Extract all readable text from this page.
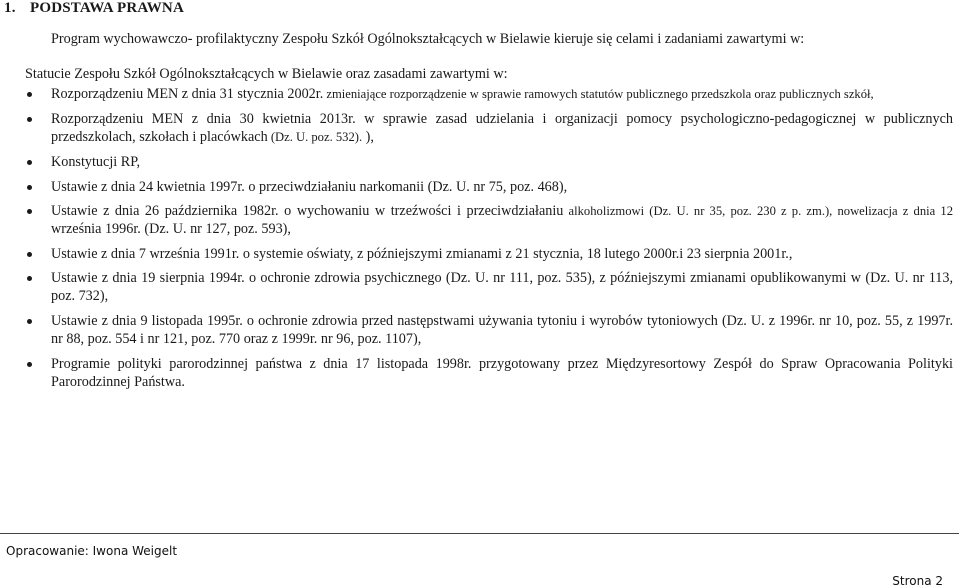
1. PODSTAWA PRAWNA
Program wychowawczo- profilaktyczny Zespołu Szkół Ogólnokształcących w Bielawie kieruje się celami i zadaniami zawartymi w:
Statucie Zespołu Szkół Ogólnokształcących w Bielawie oraz zasadami zawartymi w:
Rozporządzeniu MEN z dnia 31 stycznia 2002r. zmieniające rozporządzenie w sprawie ramowych statutów publicznego przedszkola oraz publicznych szkół,
Rozporządzeniu MEN z dnia 30 kwietnia 2013r. w sprawie zasad udzielania i organizacji pomocy psychologiczno-pedagogicznej w publicznych przedszkolach, szkołach i placówkach (Dz. U. poz. 532). ),
Konstytucji RP,
Ustawie z dnia 24 kwietnia 1997r. o przeciwdziałaniu narkomanii (Dz. U. nr 75, poz. 468),
Ustawie z dnia 26 października 1982r. o wychowaniu w trzeźwości i przeciwdziałaniu alkoholizmowi (Dz. U. nr 35, poz. 230 z p. zm.), nowelizacja z dnia 12 września 1996r. (Dz. U. nr 127, poz. 593),
Ustawie z dnia 7 września 1991r. o systemie oświaty, z późniejszymi zmianami z 21 stycznia, 18 lutego 2000r.i 23 sierpnia 2001r.,
Ustawie z dnia 19 sierpnia 1994r. o ochronie zdrowia psychicznego (Dz. U. nr 111, poz. 535), z późniejszymi zmianami opublikowanymi w (Dz. U. nr 113, poz. 732),
Ustawie z dnia 9 listopada 1995r. o ochronie zdrowia przed następstwami używania tytoniu i wyrobów tytoniowych (Dz. U. z 1996r. nr 10, poz. 55, z 1997r. nr 88, poz. 554 i nr 121, poz. 770 oraz z 1999r. nr 96, poz. 1107),
Programie polityki parorodzinnej państwa z dnia 17 listopada 1998r. przygotowany przez Międzyresortowy Zespół do Spraw Opracowania Polityki Parorodzinnej Państwa.
Opracowanie: Iwona Weigelt
Strona 2
